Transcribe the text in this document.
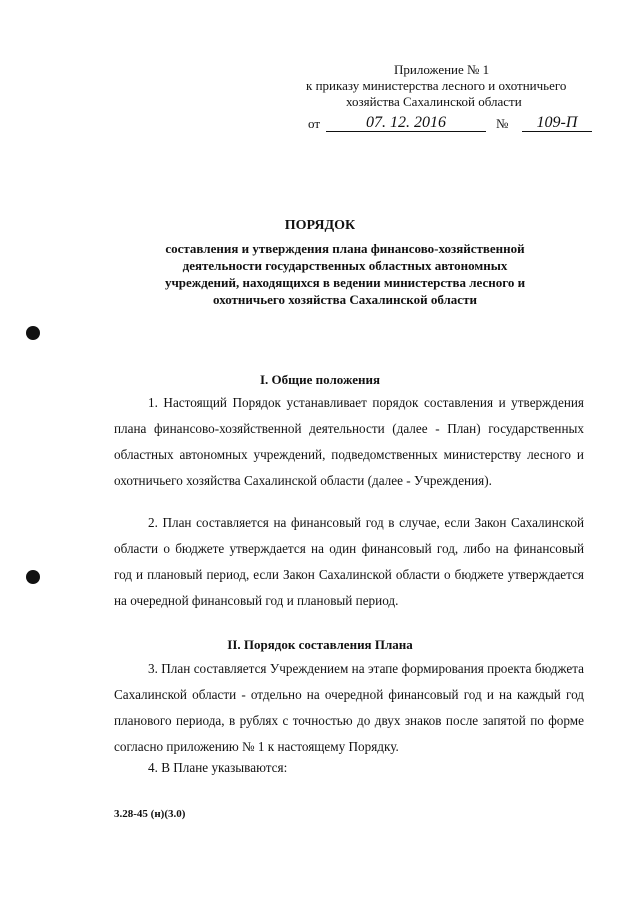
Приложение № 1
к приказу министерства лесного и охотничьего
хозяйства Сахалинской области
от	07. 12. 2016	№	109-П
ПОРЯДОК
составления и утверждения плана финансово-хозяйственной деятельности государственных областных автономных учреждений, находящихся в ведении министерства лесного и охотничьего хозяйства Сахалинской области
I. Общие положения
1. Настоящий Порядок устанавливает порядок составления и утверждения плана финансово-хозяйственной деятельности (далее - План) государственных областных автономных учреждений, подведомственных министерству лесного и охотничьего хозяйства Сахалинской области (далее - Учреждения).
2. План составляется на финансовый год в случае, если Закон Сахалинской области о бюджете утверждается на один финансовый год, либо на финансовый год и плановый период, если Закон Сахалинской области о бюджете утверждается на очередной финансовый год и плановый период.
II. Порядок составления Плана
3. План составляется Учреждением на этапе формирования проекта бюджета Сахалинской области - отдельно на очередной финансовый год и на каждый год планового периода, в рублях с точностью до двух знаков после запятой по форме согласно приложению № 1 к настоящему Порядку.
4. В Плане указываются:
3.28-45 (н)(3.0)
